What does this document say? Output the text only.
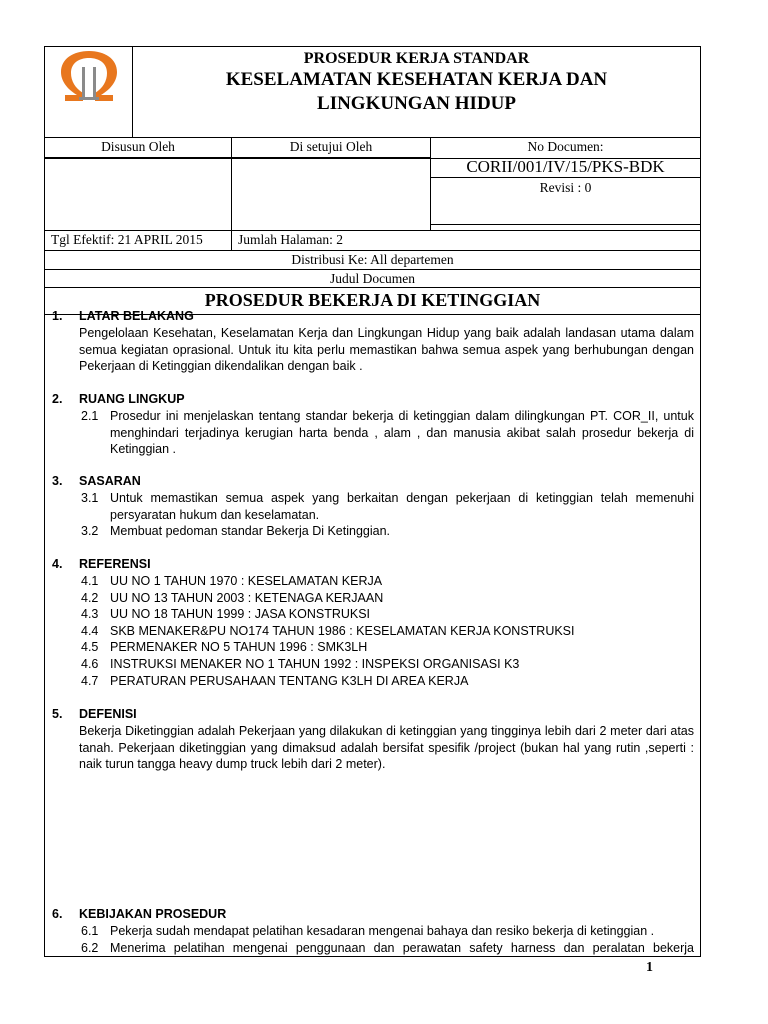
PROSEDUR KERJA STANDAR
KESELAMATAN KESEHATAN KERJA DAN
LINGKUNGAN HIDUP		

Disusun Oleh		Di setujui Oleh	No Documen:

		CORII/001/IV/15/PKS-BDK
Revisi : 0

Tgl Efektif: 21 APRIL 2015	Jumlah Halaman: 2	
Distribusi Ke: All departemen		
Judul Documen		
PROSEDUR BEKERJA DI KETINGGIAN		
1. LATAR BELAKANG
Pengelolaan Kesehatan, Keselamatan Kerja dan Lingkungan Hidup yang baik adalah landasan utama dalam semua kegiatan oprasional. Untuk itu kita perlu memastikan bahwa semua aspek yang berhubungan dengan Pekerjaan di Ketinggian dikendalikan dengan baik .
2. RUANG LINGKUP
2.1 Prosedur ini menjelaskan tentang standar bekerja di ketinggian dalam dilingkungan PT. COR_II, untuk menghindari terjadinya kerugian harta benda , alam , dan manusia akibat salah prosedur bekerja di Ketinggian .
3. SASARAN
3.1 Untuk memastikan semua aspek yang berkaitan dengan pekerjaan di ketinggian telah memenuhi persyaratan hukum dan keselamatan.
3.2 Membuat pedoman standar Bekerja Di Ketinggian.
4. REFERENSI
4.1 UU NO 1 TAHUN 1970 : KESELAMATAN KERJA
4.2 UU NO 13 TAHUN 2003 : KETENAGA KERJAAN
4.3 UU NO 18 TAHUN 1999 : JASA KONSTRUKSI
4.4 SKB MENAKER&PU NO174 TAHUN 1986 : KESELAMATAN KERJA KONSTRUKSI
4.5 PERMENAKER NO 5 TAHUN 1996 : SMK3LH
4.6 INSTRUKSI MENAKER NO 1 TAHUN 1992 : INSPEKSI ORGANISASI K3
4.7 PERATURAN PERUSAHAAN TENTANG K3LH DI AREA KERJA
5. DEFENISI
Bekerja Diketinggian adalah Pekerjaan yang dilakukan di ketinggian yang tingginya lebih dari 2 meter dari atas tanah. Pekerjaan diketinggian yang dimaksud adalah bersifat spesifik /project (bukan hal yang rutin ,seperti : naik turun tangga heavy dump truck lebih dari 2 meter).
6. KEBIJAKAN PROSEDUR
6.1 Pekerja sudah mendapat pelatihan kesadaran mengenai bahaya dan resiko bekerja di ketinggian .
6.2 Menerima pelatihan mengenai penggunaan dan perawatan safety harness dan peralatan bekerja
1
